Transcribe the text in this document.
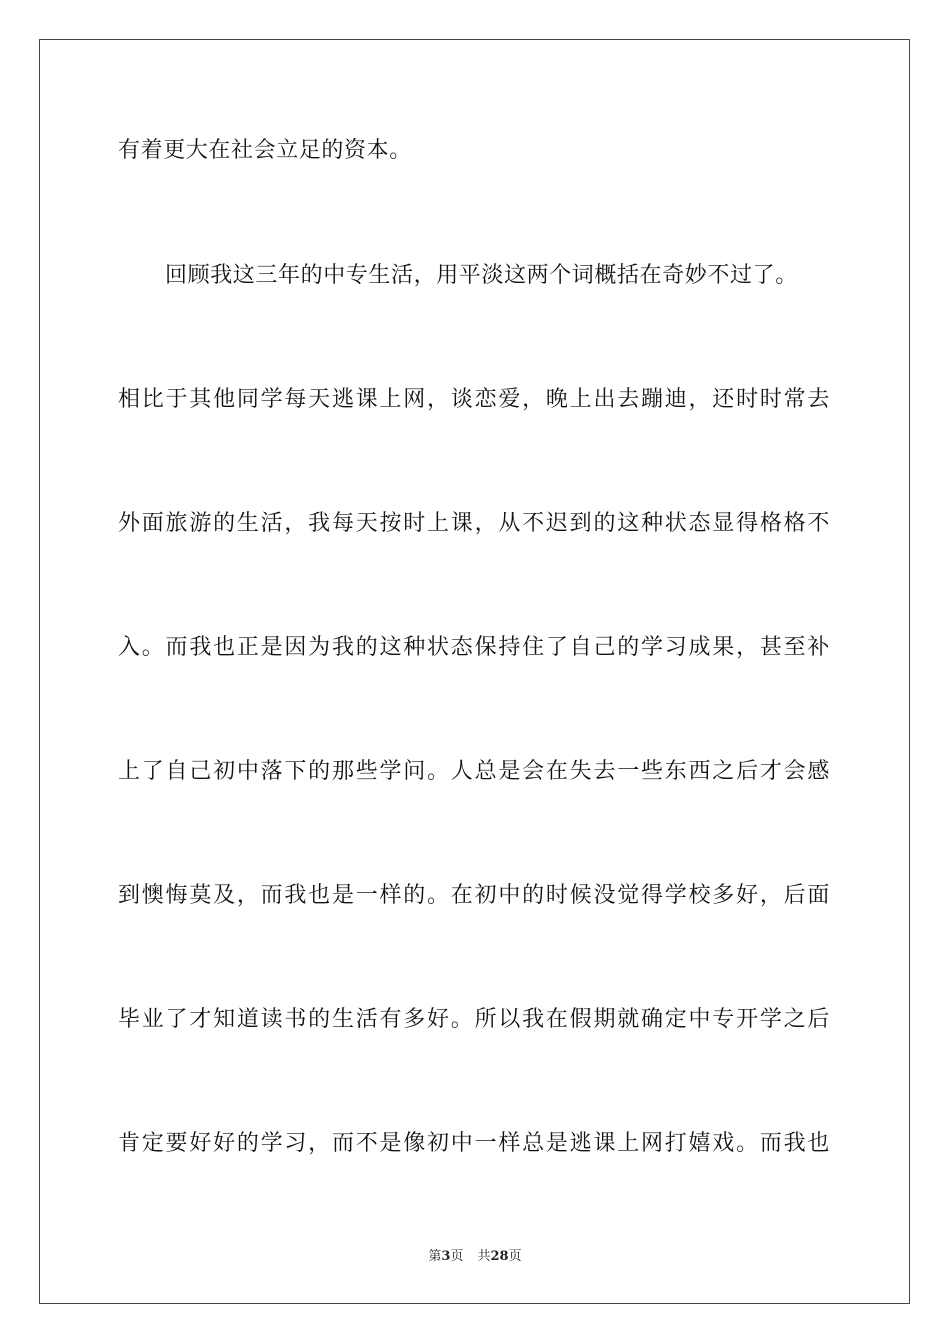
有着更大在社会立足的资本。
回顾我这三年的中专生活，用平淡这两个词概括在奇妙不过了。
相比于其他同学每天逃课上网，谈恋爱，晚上出去蹦迪，还时时常去
外面旅游的生活，我每天按时上课，从不迟到的这种状态显得格格不
入。而我也正是因为我的这种状态保持住了自己的学习成果，甚至补
上了自己初中落下的那些学问。人总是会在失去一些东西之后才会感
到懊悔莫及，而我也是一样的。在初中的时候没觉得学校多好，后面
毕业了才知道读书的生活有多好。所以我在假期就确定中专开学之后
肯定要好好的学习，而不是像初中一样总是逃课上网打嬉戏。而我也
第3页 共28页
